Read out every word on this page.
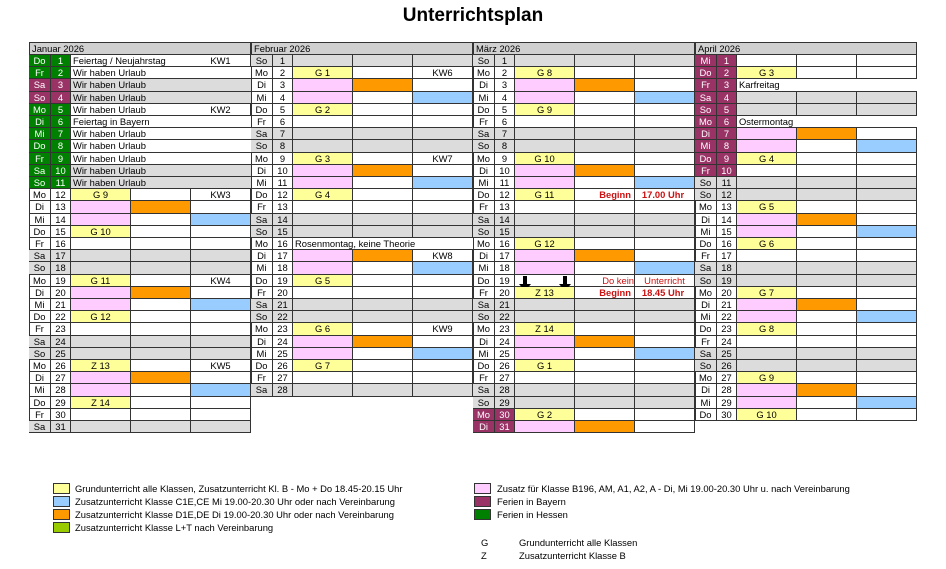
Unterrichtsplan
Januar 2026
Do	1	Feiertag / Neujahrstag	KW1
Fr	2	Wir haben Urlaub
Sa	3	Wir haben Urlaub
So	4	Wir haben Urlaub
Mo	5	Wir haben Urlaub	KW2
Di	6	Feiertag in Bayern
Mi	7	Wir haben Urlaub
Do	8	Wir haben Urlaub
Fr	9	Wir haben Urlaub
Sa	10 Wir haben Urlaub
So	11 Wir haben Urlaub
Mo 12	G 9	KW3
Di	13
Mi	14
Do	15	G 10
Fr	16
Sa	17
So	18
Mo 19	G 11	KW4
Di	20
Mi	21
Do	22	G 12
Fr	23
Sa	24
So	25
Mo 26	Z 13	KW5
Di	27
Mi	28
Do	29	Z 14
Fr	30
Sa	31
Februar 2026
So	1
Mo	2	G 1	KW6
Di	3
Mi	4
Do	5	G 2
Fr	6
Sa	7
So	8
Mo	9	G 3	KW7
Di	10
Mi	11
Do	12	G 4
Fr	13
Sa	14
So	15
Mo 16 Rosenmontag, keine Theorie
Di	17	KW8
Mi	18
Do	19	G 5
Fr	20
Sa	21
So	22
Mo 23	G 6	KW9
Di	24
Mi	25
Do	26	G 7
Fr	27
Sa	28
März 2026
So	1
Mo	2	G 8
Di	3
Mi	4
Do	5	G 9
Fr	6
Sa	7
So	8
Mo	9	G 10
Di	10
Mi	11
Do	12	G 11	Beginn	17.00 Uhr
Fr	13
Sa	14
So	15
Mo 16	G 12
Di	17
Mi	18
Do	19	Do kein	Unterricht
Fr	20	Z 13	Beginn	18.45 Uhr
Sa	21
So	22
Mo 23	Z 14
Di	24
Mi	25
Do	26	G 1
Fr	27
Sa	28
So	29
Mo 30	G 2
Di	31
April 2026
Mi	1
Do	2	G 3
Fr	3	Karfreitag
Sa	4
So	5
Mo	6	Ostermontag
Di	7
Mi	8
Do	9	G 4
Fr	10
So	11
So	12
Mo 13	G 5
Di	14
Mi	15
Do	16	G 6
Fr	17
Sa	18
So	19
Mo 20	G 7
Di	21
Mi	22
Do	23	G 8
Fr	24
Sa	25
So	26
Mo 27	G 9
Di	28
Mi	29
Do	30	G 10
Grundunterricht alle Klassen, Zusatzunterricht Kl. B - Mo + Do 18.45-20.15 Uhr
Zusatzunterricht Klasse C1E,CE Mi 19.00-20.30 Uhr oder nach Vereinbarung
Zusatzunterricht Klasse D1E,DE Di 19.00-20.30 Uhr oder nach Vereinbarung
Zusatzunterricht Klasse L+T nach Vereinbarung
Zusatz für Klasse B196, AM, A1, A2, A - Di, Mi 19.00-20.30 Uhr u. nach Vereinbarung
Ferien in Bayern
Ferien in Hessen
G	Grundunterricht alle Klassen
Z	Zusatzunterricht Klasse B
